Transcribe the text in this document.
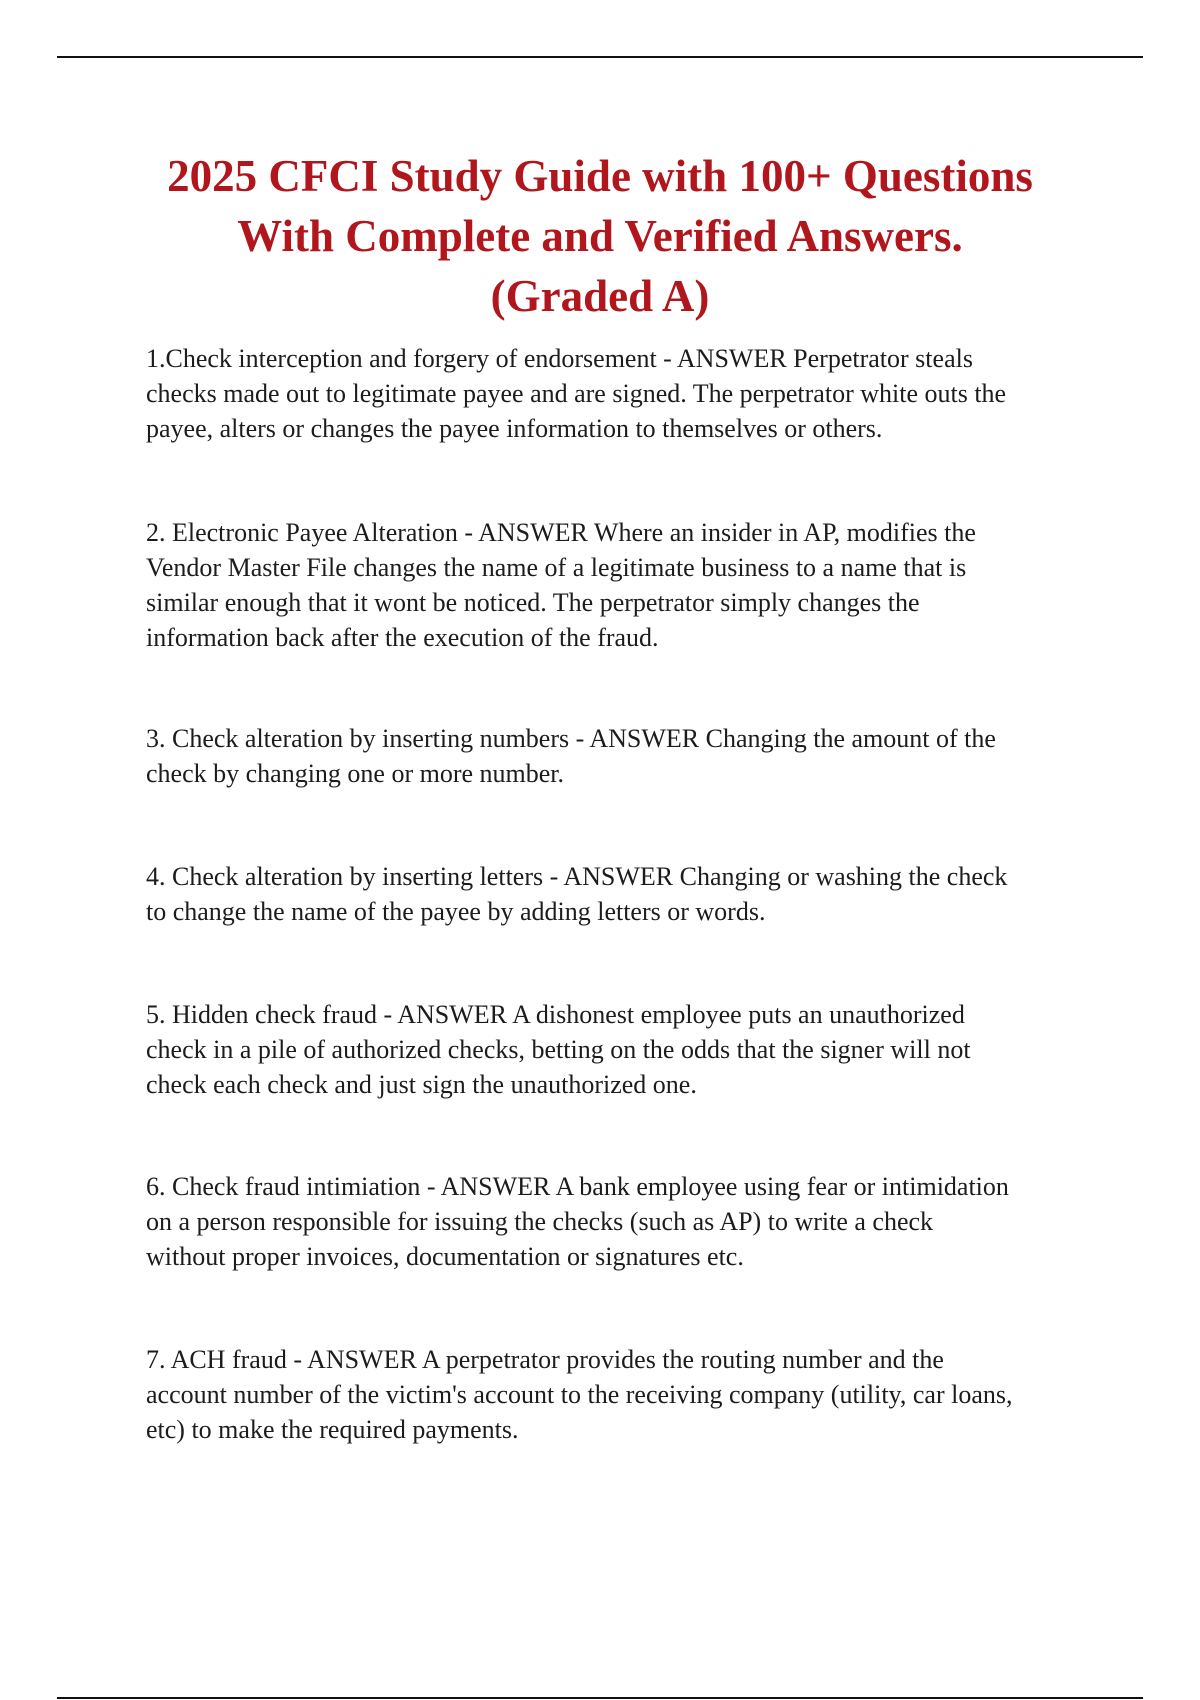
2025 CFCI Study Guide with 100+ Questions
With Complete and Verified Answers.
(Graded A)

1.Check interception and forgery of endorsement - ANSWER Perpetrator steals
checks made out to legitimate payee and are signed. The perpetrator white outs the
payee, alters or changes the payee information to themselves or others.

2. Electronic Payee Alteration - ANSWER Where an insider in AP, modifies the
Vendor Master File changes the name of a legitimate business to a name that is
similar enough that it wont be noticed. The perpetrator simply changes the
information back after the execution of the fraud.

3. Check alteration by inserting numbers - ANSWER Changing the amount of the
check by changing one or more number.

4. Check alteration by inserting letters - ANSWER Changing or washing the check
to change the name of the payee by adding letters or words.

5. Hidden check fraud - ANSWER A dishonest employee puts an unauthorized
check in a pile of authorized checks, betting on the odds that the signer will not
check each check and just sign the unauthorized one.

6. Check fraud intimiation - ANSWER A bank employee using fear or intimidation
on a person responsible for issuing the checks (such as AP) to write a check
without proper invoices, documentation or signatures etc.

7. ACH fraud - ANSWER A perpetrator provides the routing number and the
account number of the victim's account to the receiving company (utility, car loans,
etc) to make the required payments.
